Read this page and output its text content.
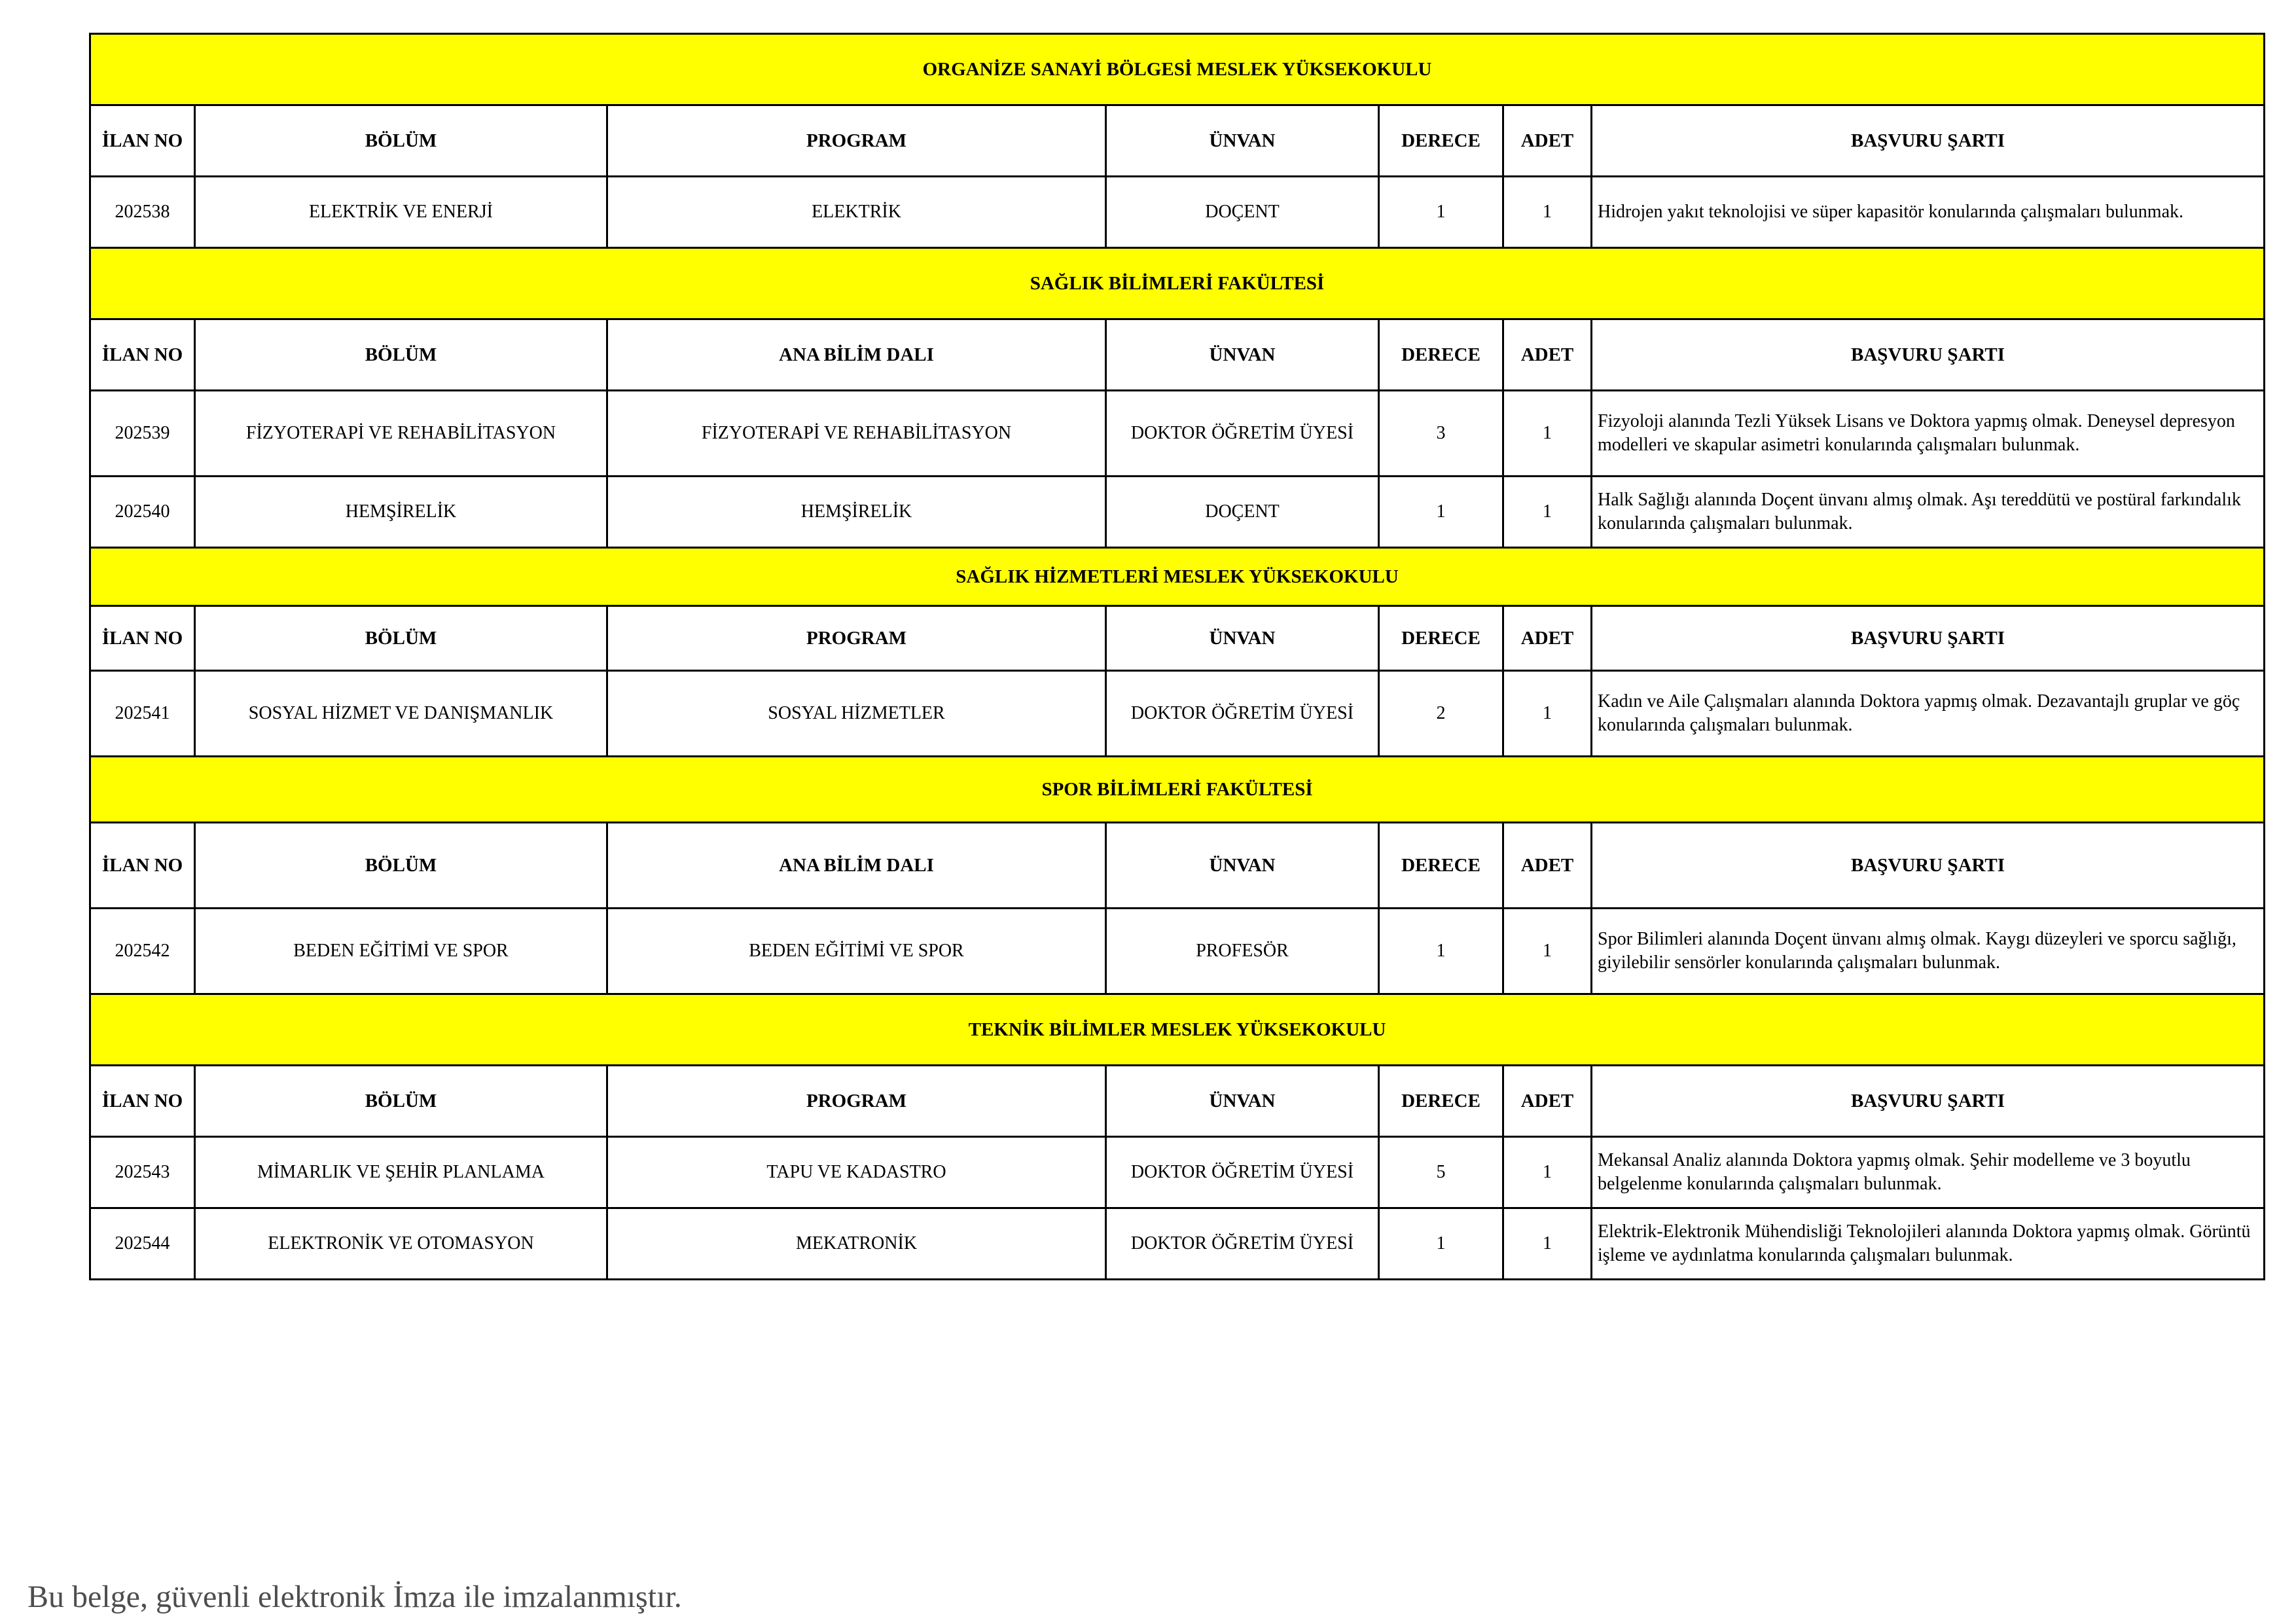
ORGANİZE SANAYİ BÖLGESİ MESLEK YÜKSEKOKULU						
İLAN NO	BÖLÜM	PROGRAM	ÜNVAN	DERECE	ADET	BAŞVURU ŞARTI
202538	ELEKTRİK VE ENERJİ	ELEKTRİK	DOÇENT	1	1	Hidrojen yakıt teknolojisi ve süper kapasitör konularında çalışmaları bulunmak.
SAĞLIK BİLİMLERİ FAKÜLTESİ						
İLAN NO	BÖLÜM	ANA BİLİM DALI	ÜNVAN	DERECE	ADET	BAŞVURU ŞARTI
202539	FİZYOTERAPİ VE REHABİLİTASYON	FİZYOTERAPİ VE REHABİLİTASYON	DOKTOR ÖĞRETİM ÜYESİ	3	1	Fizyoloji alanında Tezli Yüksek Lisans ve Doktora yapmış olmak. Deneysel depresyon modelleri ve skapular asimetri konularında çalışmaları bulunmak.
202540	HEMŞİRELİK	HEMŞİRELİK	DOÇENT	1	1	Halk Sağlığı alanında Doçent ünvanı almış olmak. Aşı tereddütü ve postüral farkındalık konularında çalışmaları bulunmak.
SAĞLIK HİZMETLERİ MESLEK YÜKSEKOKULU						
İLAN NO	BÖLÜM	PROGRAM	ÜNVAN	DERECE	ADET	BAŞVURU ŞARTI
202541	SOSYAL HİZMET VE DANIŞMANLIK	SOSYAL HİZMETLER	DOKTOR ÖĞRETİM ÜYESİ	2	1	Kadın ve Aile Çalışmaları alanında Doktora yapmış olmak. Dezavantajlı gruplar ve göç konularında çalışmaları bulunmak.
SPOR BİLİMLERİ FAKÜLTESİ						
İLAN NO	BÖLÜM	ANA BİLİM DALI	ÜNVAN	DERECE	ADET	BAŞVURU ŞARTI
202542	BEDEN EĞİTİMİ VE SPOR	BEDEN EĞİTİMİ VE SPOR	PROFESÖR	1	1	Spor Bilimleri alanında Doçent ünvanı almış olmak. Kaygı düzeyleri ve sporcu sağlığı, giyilebilir sensörler konularında çalışmaları bulunmak.
TEKNİK BİLİMLER MESLEK YÜKSEKOKULU						
İLAN NO	BÖLÜM	PROGRAM	ÜNVAN	DERECE	ADET	BAŞVURU ŞARTI
202543	MİMARLIK VE ŞEHİR PLANLAMA	TAPU VE KADASTRO	DOKTOR ÖĞRETİM ÜYESİ	5	1	Mekansal Analiz alanında Doktora yapmış olmak. Şehir modelleme ve 3 boyutlu belgelenme konularında çalışmaları bulunmak.
202544	ELEKTRONİK VE OTOMASYON	MEKATRONİK	DOKTOR ÖĞRETİM ÜYESİ	1	1	Elektrik-Elektronik Mühendisliği Teknolojileri alanında Doktora yapmış olmak. Görüntü işleme ve aydınlatma konularında çalışmaları bulunmak.
Bu belge, güvenli elektronik İmza ile imzalanmıştır.
